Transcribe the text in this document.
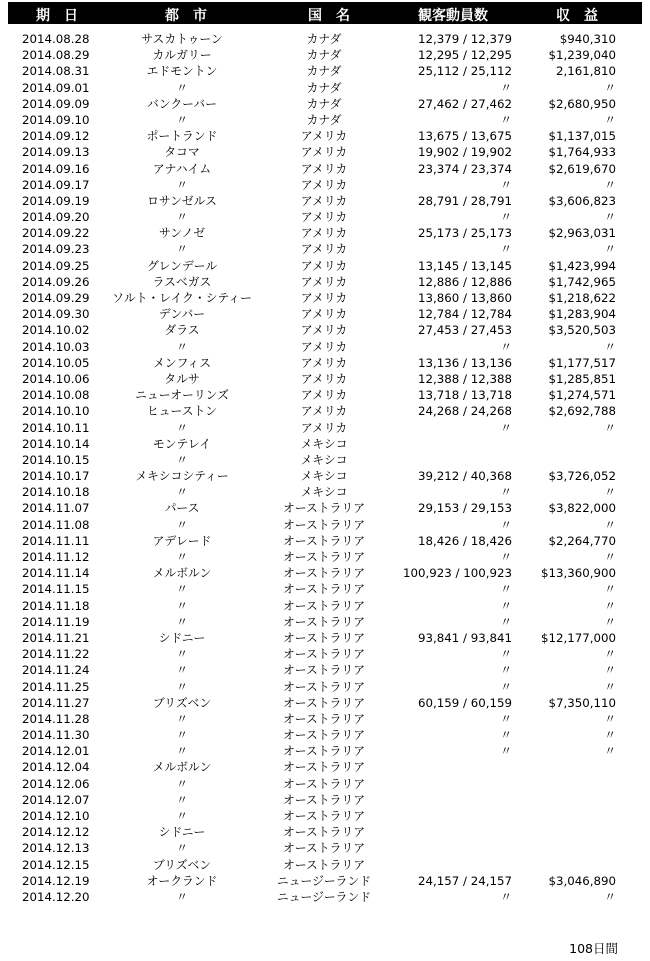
期　日	都　市	国　名	観客動員数	収　益
2014.08.28	サスカトゥーン	カナダ	12,379 / 12,379	$940,310
2014.08.29	カルガリー	カナダ	12,295 / 12,295	$1,239,040
2014.08.31	エドモントン	カナダ	25,112 / 25,112	2,161,810
2014.09.01	〃	カナダ	〃	〃
2014.09.09	バンクーバー	カナダ	27,462 / 27,462	$2,680,950
2014.09.10	〃	カナダ	〃	〃
2014.09.12	ポートランド	アメリカ	13,675 / 13,675	$1,137,015
2014.09.13	タコマ	アメリカ	19,902 / 19,902	$1,764,933
2014.09.16	アナハイム	アメリカ	23,374 / 23,374	$2,619,670
2014.09.17	〃	アメリカ	〃	〃
2014.09.19	ロサンゼルス	アメリカ	28,791 / 28,791	$3,606,823
2014.09.20	〃	アメリカ	〃	〃
2014.09.22	サンノゼ	アメリカ	25,173 / 25,173	$2,963,031
2014.09.23	〃	アメリカ	〃	〃
2014.09.25	グレンデール	アメリカ	13,145 / 13,145	$1,423,994
2014.09.26	ラスベガス	アメリカ	12,886 / 12,886	$1,742,965
2014.09.29	ソルト・レイク・シティー	アメリカ	13,860 / 13,860	$1,218,622
2014.09.30	デンバー	アメリカ	12,784 / 12,784	$1,283,904
2014.10.02	ダラス	アメリカ	27,453 / 27,453	$3,520,503
2014.10.03	〃	アメリカ	〃	〃
2014.10.05	メンフィス	アメリカ	13,136 / 13,136	$1,177,517
2014.10.06	タルサ	アメリカ	12,388 / 12,388	$1,285,851
2014.10.08	ニューオーリンズ	アメリカ	13,718 / 13,718	$1,274,571
2014.10.10	ヒューストン	アメリカ	24,268 / 24,268	$2,692,788
2014.10.11	〃	アメリカ	〃	〃
2014.10.14	モンテレイ	メキシコ
2014.10.15	〃	メキシコ
2014.10.17	メキシコシティー	メキシコ	39,212 / 40,368	$3,726,052
2014.10.18	〃	メキシコ	〃	〃
2014.11.07	パース	オーストラリア	29,153 / 29,153	$3,822,000
2014.11.08	〃	オーストラリア	〃	〃
2014.11.11	アデレード	オーストラリア	18,426 / 18,426	$2,264,770
2014.11.12	〃	オーストラリア	〃	〃
2014.11.14	メルボルン	オーストラリア	100,923 / 100,923	$13,360,900
2014.11.15	〃	オーストラリア	〃	〃
2014.11.18	〃	オーストラリア	〃	〃
2014.11.19	〃	オーストラリア	〃	〃
2014.11.21	シドニー	オーストラリア	93,841 / 93,841	$12,177,000
2014.11.22	〃	オーストラリア	〃	〃
2014.11.24	〃	オーストラリア	〃	〃
2014.11.25	〃	オーストラリア	〃	〃
2014.11.27	ブリズベン	オーストラリア	60,159 / 60,159	$7,350,110
2014.11.28	〃	オーストラリア	〃	〃
2014.11.30	〃	オーストラリア	〃	〃
2014.12.01	〃	オーストラリア	〃	〃
2014.12.04	メルボルン	オーストラリア
2014.12.06	〃	オーストラリア
2014.12.07	〃	オーストラリア
2014.12.10	〃	オーストラリア
2014.12.12	シドニー	オーストラリア
2014.12.13	〃	オーストラリア
2014.12.15	ブリズベン	オーストラリア
2014.12.19	オークランド	ニュージーランド	24,157 / 24,157	$3,046,890
2014.12.20	〃	ニュージーランド	〃	〃
108日間
